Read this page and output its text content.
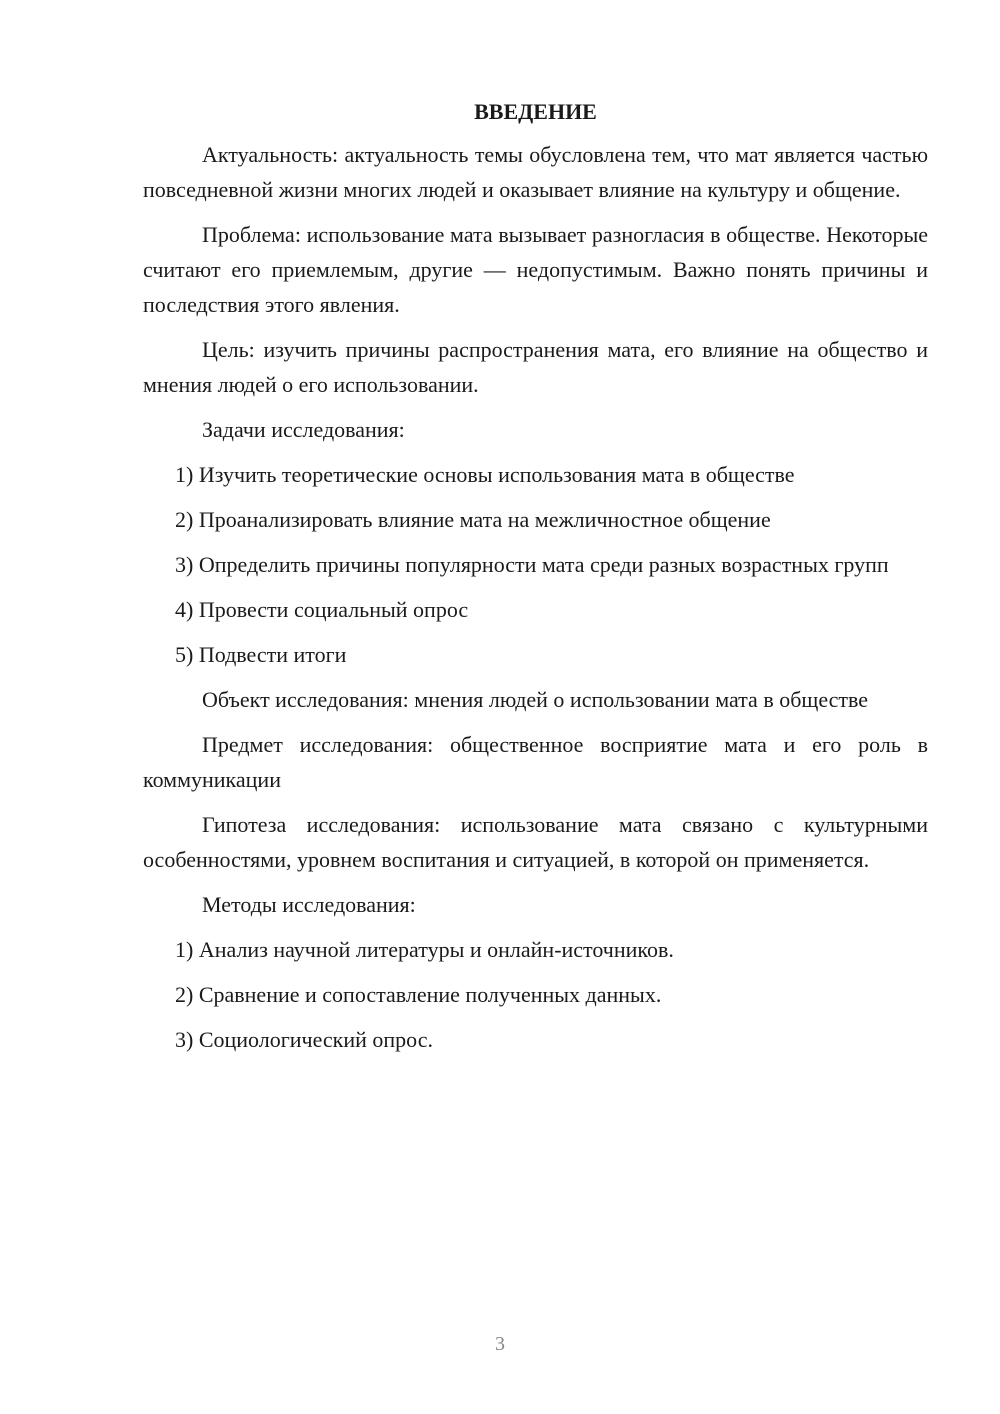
ВВЕДЕНИЕ

Актуальность: актуальность темы обусловлена тем, что мат является частью повседневной жизни многих людей и оказывает влияние на культуру и общение.

Проблема: использование мата вызывает разногласия в обществе. Некоторые считают его приемлемым, другие — недопустимым. Важно понять причины и последствия этого явления.

Цель: изучить причины распространения мата, его влияние на общество и мнения людей о его использовании.

Задачи исследования:

1) Изучить теоретические основы использования мата в обществе

2) Проанализировать влияние мата на межличностное общение

3) Определить причины популярности мата среди разных возрастных групп

4) Провести социальный опрос

5) Подвести итоги

Объект исследования: мнения людей о использовании мата в обществе

Предмет исследования: общественное восприятие мата и его роль в коммуникации

Гипотеза исследования: использование мата связано с культурными особенностями, уровнем воспитания и ситуацией, в которой он применяется.

Методы исследования:

1) Анализ научной литературы и онлайн-источников.

2) Сравнение и сопоставление полученных данных.

3) Социологический опрос.

3
